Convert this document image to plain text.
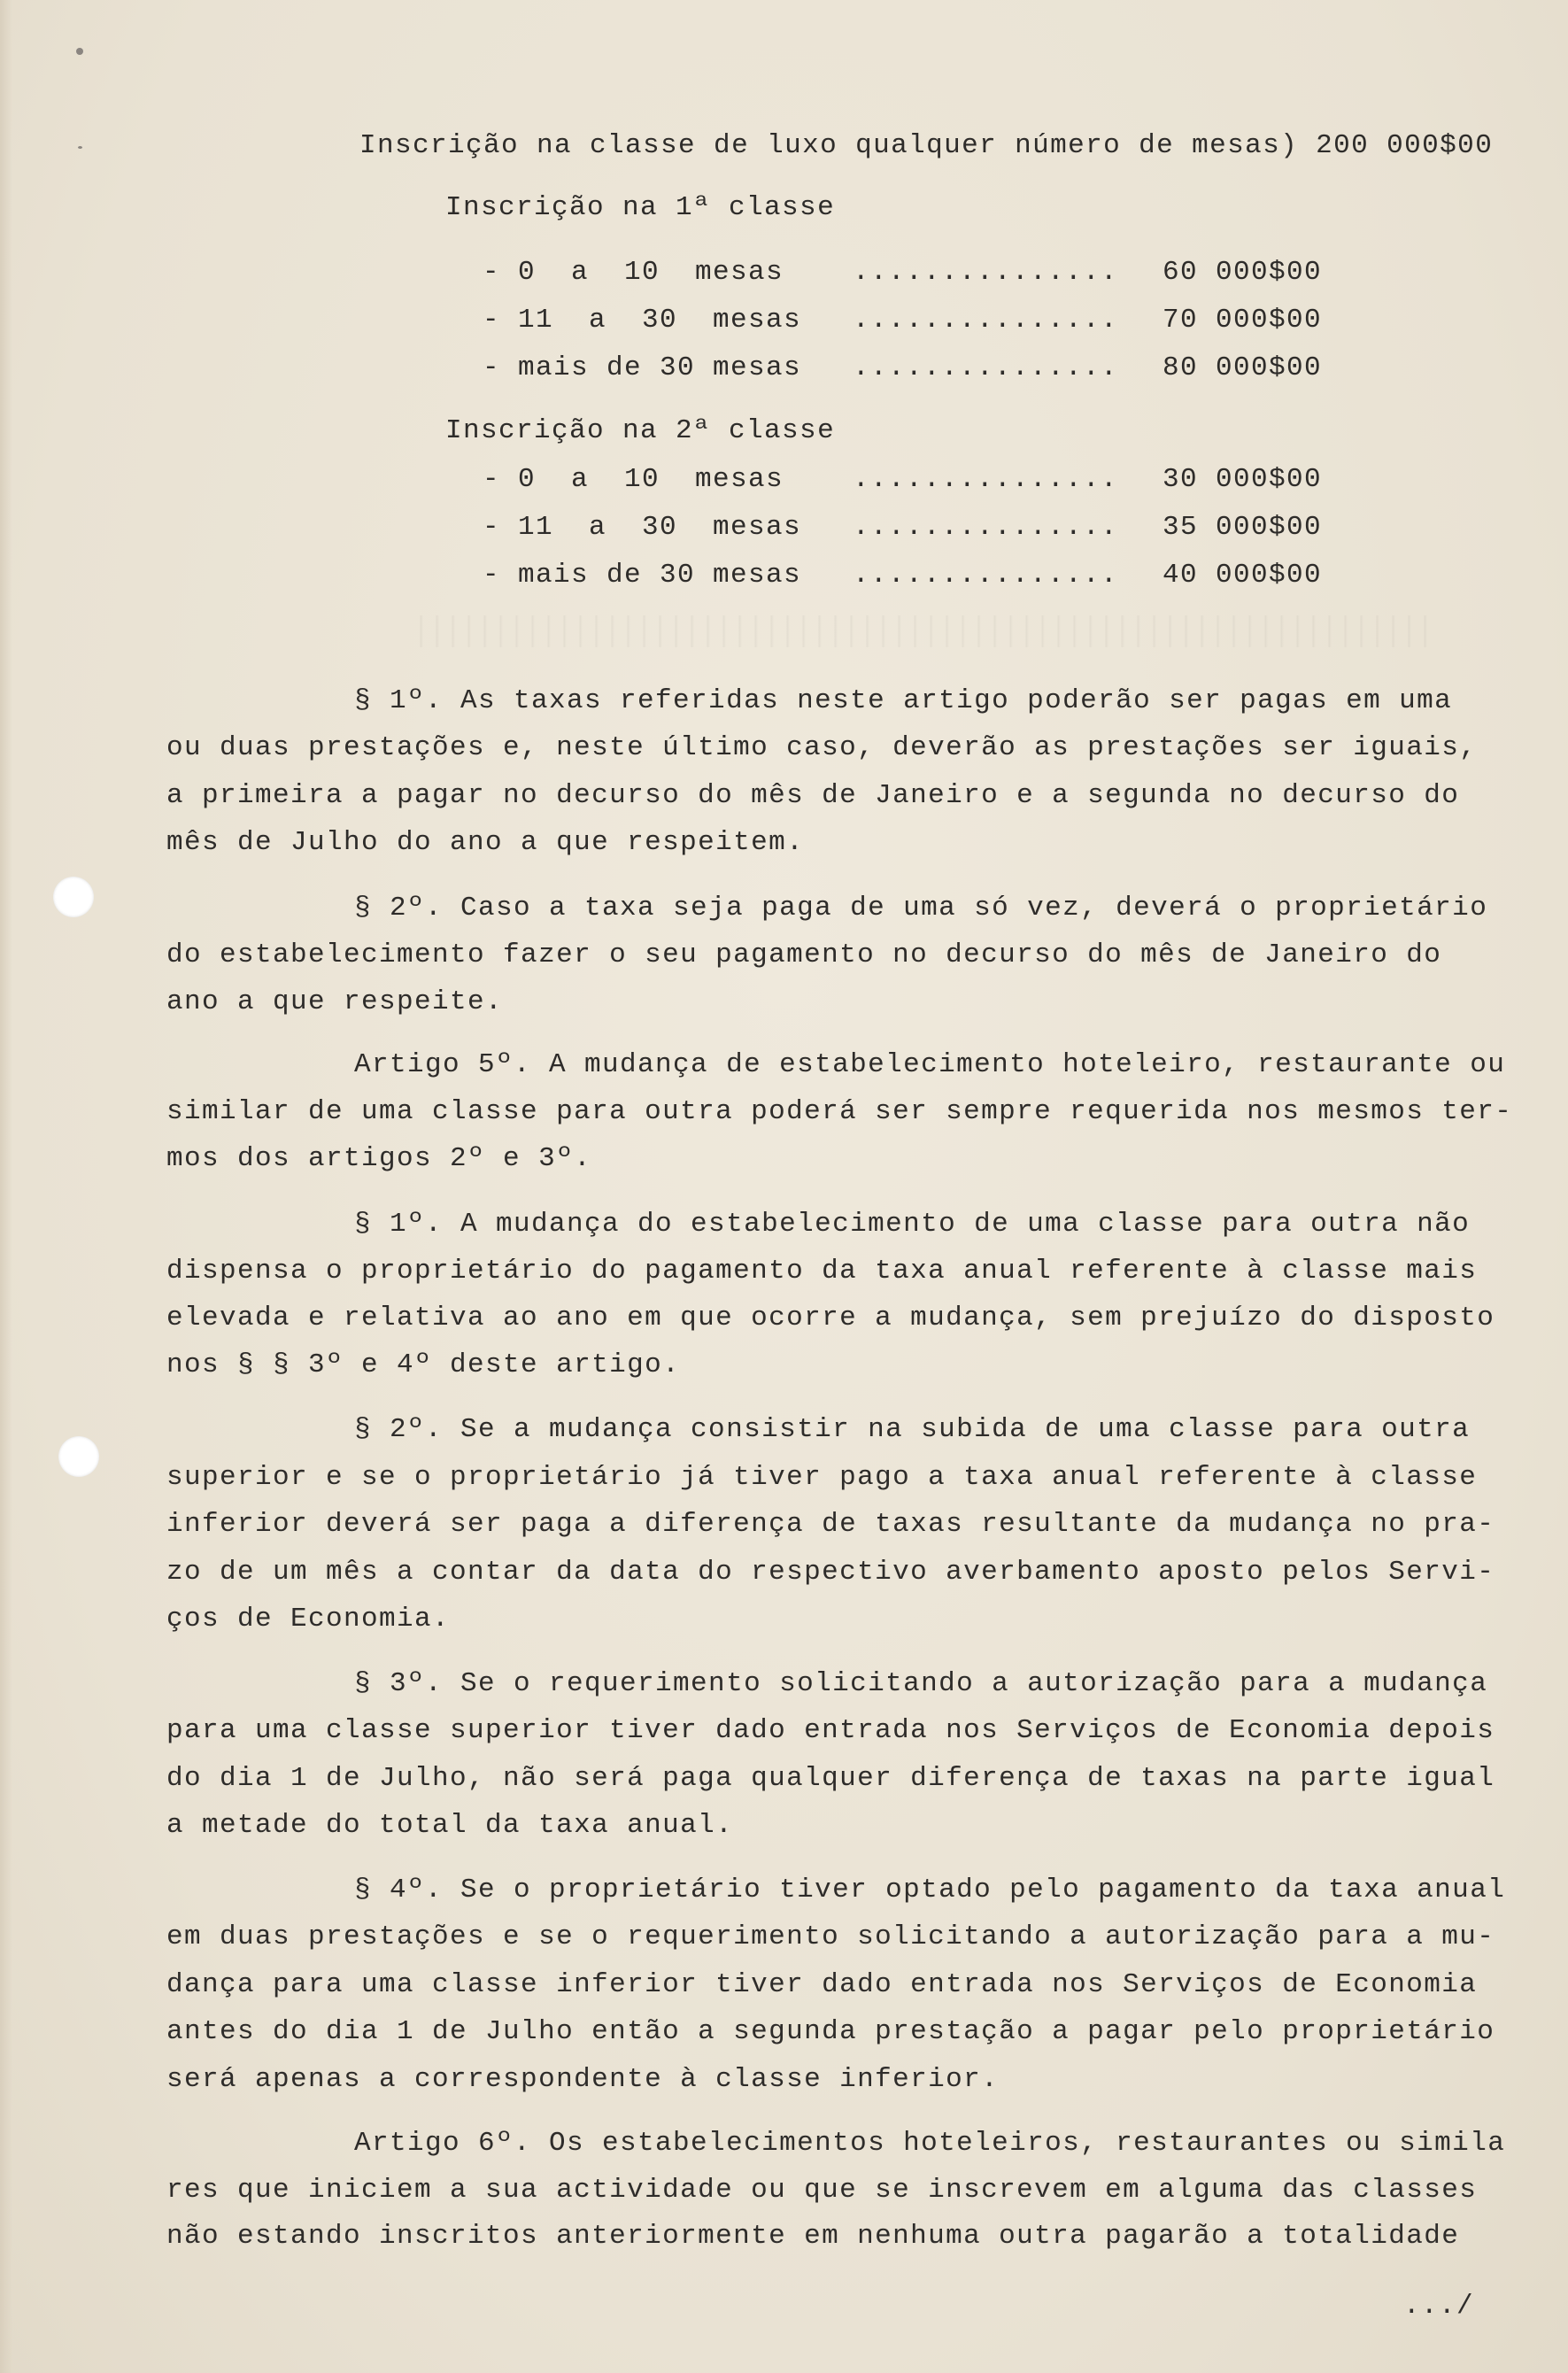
Inscrição na classe de luxo qualquer número de mesas) 200 000$00
Inscrição na 1ª classe

- 0  a  10  mesas

	...............

60 000$00

- 11  a  30  mesas

...............

70 000$00

- mais de 30 mesas

...............

80 000$00

Inscrição na 2ª classe

- 0  a  10  mesas

	...............

30 000$00

- 11  a  30  mesas

...............

35 000$00

- mais de 30 mesas

...............

40 000$00

§ 1º. As taxas referidas neste artigo poderão ser pagas em uma
ou duas prestações e, neste último caso, deverão as prestações ser iguais,
a primeira a pagar no decurso do mês de Janeiro e a segunda no decurso do
mês de Julho do ano a que respeitem.
§ 2º. Caso a taxa seja paga de uma só vez, deverá o proprietário
do estabelecimento fazer o seu pagamento no decurso do mês de Janeiro do
ano a que respeite.
Artigo 5º. A mudança de estabelecimento hoteleiro, restaurante ou
similar de uma classe para outra poderá ser sempre requerida nos mesmos ter-
mos dos artigos 2º e 3º.
§ 1º. A mudança do estabelecimento de uma classe para outra não
dispensa o proprietário do pagamento da taxa anual referente à classe mais
elevada e relativa ao ano em que ocorre a mudança, sem prejuízo do disposto
nos § § 3º e 4º deste artigo.
§ 2º. Se a mudança consistir na subida de uma classe para outra
superior e se o proprietário já tiver pago a taxa anual referente à classe
inferior deverá ser paga a diferença de taxas resultante da mudança no pra-
zo de um mês a contar da data do respectivo averbamento aposto pelos Servi-
ços de Economia.
§ 3º. Se o requerimento solicitando a autorização para a mudança
para uma classe superior tiver dado entrada nos Serviços de Economia depois
do dia 1 de Julho, não será paga qualquer diferença de taxas na parte igual
a metade do total da taxa anual.
§ 4º. Se o proprietário tiver optado pelo pagamento da taxa anual
em duas prestações e se o requerimento solicitando a autorização para a mu-
dança para uma classe inferior tiver dado entrada nos Serviços de Economia
antes do dia 1 de Julho então a segunda prestação a pagar pelo proprietário
será apenas a correspondente à classe inferior.
Artigo 6º. Os estabelecimentos hoteleiros, restaurantes ou simila
res que iniciem a sua actividade ou que se inscrevem em alguma das classes
não estando inscritos anteriormente em nenhuma outra pagarão a totalidade
.../
